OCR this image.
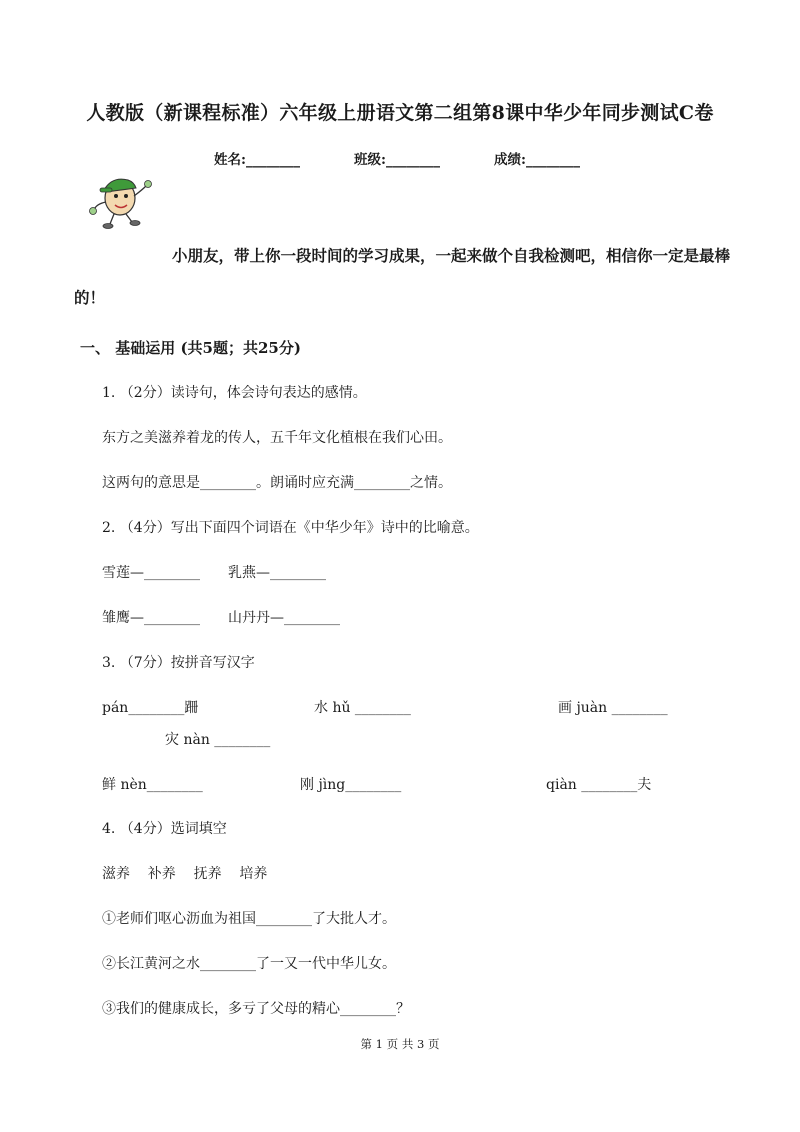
人教版（新课程标准）六年级上册语文第二组第8课中华少年同步测试C卷
姓名:________	班级:________	成绩:________
小朋友，带上你一段时间的学习成果，一起来做个自我检测吧，相信你一定是最棒
的！
一、 基础运用 (共5题；共25分)
1. （2分）读诗句，体会诗句表达的感情。
东方之美滋养着龙的传人，五千年文化植根在我们心田。
这两句的意思是________。朗诵时应充满________之情。
2. （4分）写出下面四个词语在《中华少年》诗中的比喻意。
雪莲—________ 乳燕—________
雏鹰—________ 山丹丹—________
3. （7分）按拼音写汉字
pán________跚	水 hǔ ________	画 juàn ________
灾 nàn ________
鲜 nèn________	刚 jìng________	qiàn ________夫
4. （4分）选词填空
滋养    补养    抚养    培养
①老师们呕心沥血为祖国________了大批人才。
②长江黄河之水________了一又一代中华儿女。
③我们的健康成长，多亏了父母的精心________？
第 1 页 共 3 页
